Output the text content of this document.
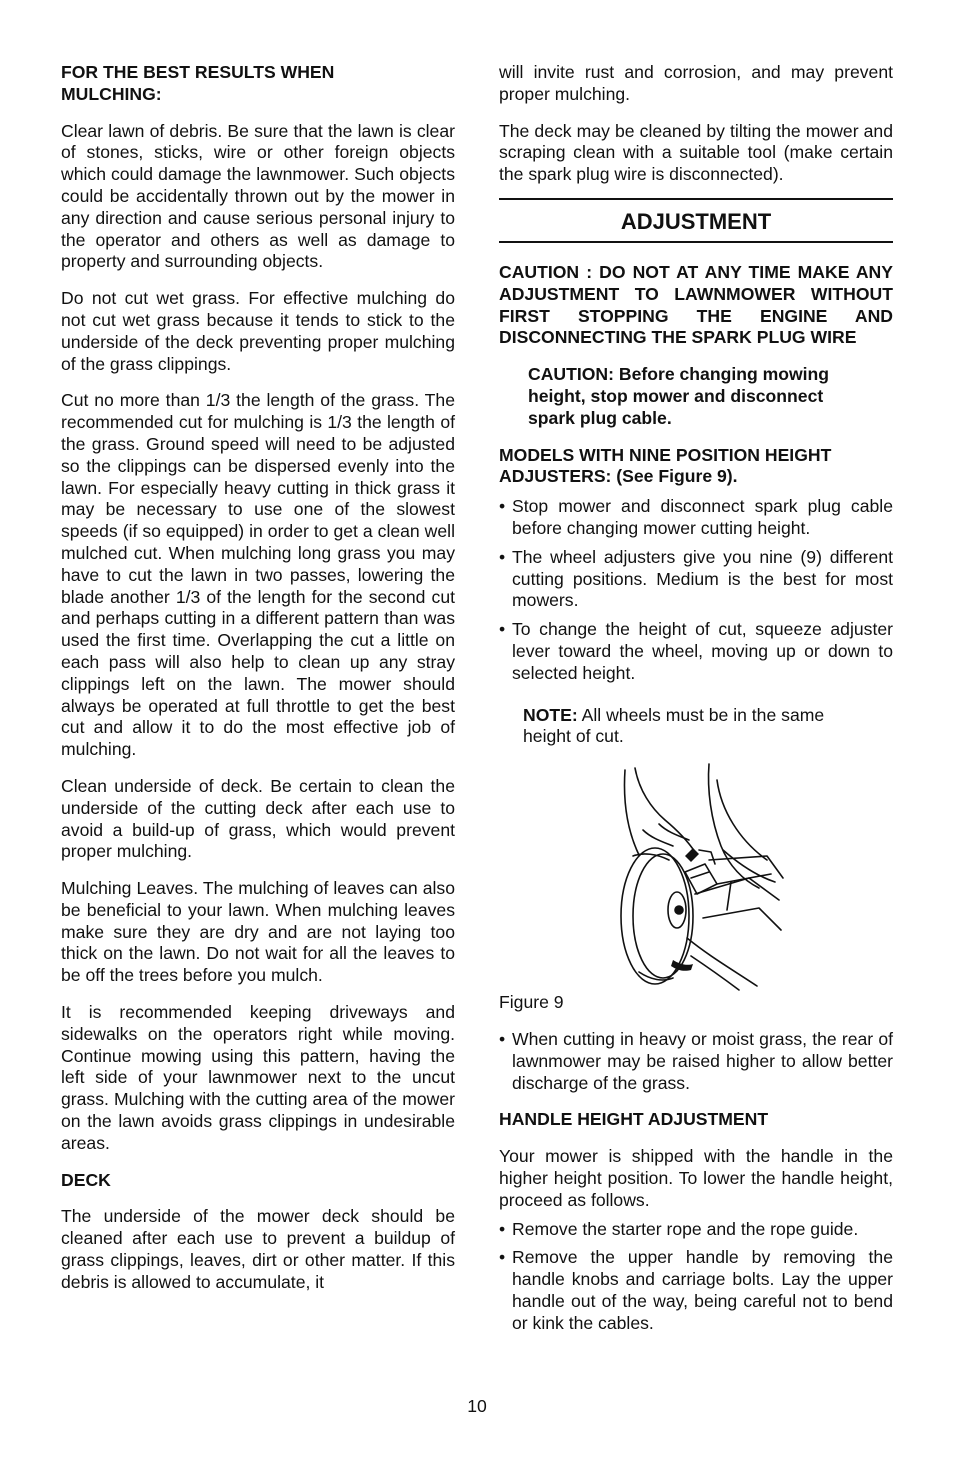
FOR THE BEST RESULTS WHEN MULCHING:

Clear lawn of debris. Be sure that the lawn is clear of stones, sticks, wire or other foreign objects which could damage the lawnmower. Such objects could be accidentally thrown out by the mower in any direction and cause serious personal injury to the operator and others as well as damage to property and surrounding objects.

Do not cut wet grass. For effective mulching do not cut wet grass because it tends to stick to the underside of the deck preventing proper mulching of the grass clippings.

Cut no more than 1/3 the length of the grass. The recommended cut for mulching is 1/3 the length of the grass. Ground speed will need to be adjusted so the clippings can be dispersed evenly into the lawn. For especially heavy cutting in thick grass it may be necessary to use one of the slowest speeds (if so equipped) in order to get a clean well mulched cut. When mulching long grass you may have to cut the lawn in two passes, lowering the blade another 1/3 of the length for the second cut and perhaps cutting in a different pattern than was used the first time. Overlapping the cut a little on each pass will also help to clean up any stray clippings left on the lawn. The mower should always be operated at full throttle to get the best cut and allow it to do the most effective job of mulching.

Clean underside of deck. Be certain to clean the underside of the cutting deck after each use to avoid a build-up of grass, which would prevent proper mulching.

Mulching Leaves. The mulching of leaves can also be beneficial to your lawn. When mulching leaves make sure they are dry and are not laying too thick on the lawn. Do not wait for all the leaves to be off the trees before you mulch.

It is recommended keeping driveways and sidewalks on the operators right while moving. Continue mowing using this pattern, having the left side of your lawnmower next to the uncut grass. Mulching with the cutting area of the mower on the lawn avoids grass clippings in undesirable areas.

DECK

The underside of the mower deck should be cleaned after each use to prevent a buildup of grass clippings, leaves, dirt or other matter. If this debris is allowed to accumulate, it

will invite rust and corrosion, and may prevent proper mulching.

The deck may be cleaned by tilting the mower and scraping clean with a suitable tool (make certain the spark plug wire is disconnected).

ADJUSTMENT

CAUTION : DO NOT AT ANY TIME MAKE ANY ADJUSTMENT TO LAWNMOWER WITHOUT FIRST STOPPING THE ENGINE AND DISCONNECTING THE SPARK PLUG WIRE

CAUTION: Before changing mowing height, stop mower and disconnect spark plug cable.

MODELS WITH NINE POSITION HEIGHT ADJUSTERS: (See Figure 9).

• Stop mower and disconnect spark plug cable before changing mower cutting height.

• The wheel adjusters give you nine (9) different cutting positions. Medium is the best for most mowers.

• To change the height of cut, squeeze adjuster lever toward the wheel, moving up or down to selected height.

NOTE: All wheels must be in the same height of cut.

Figure 9

• When cutting in heavy or moist grass, the rear of lawnmower may be raised higher to allow better discharge of the grass.

HANDLE HEIGHT ADJUSTMENT

Your mower is shipped with the handle in the higher height position. To lower the handle height, proceed as follows.

• Remove the starter rope and the rope guide.

• Remove the upper handle by removing the handle knobs and carriage bolts. Lay the upper handle out of the way, being careful not to bend or kink the cables.

10
